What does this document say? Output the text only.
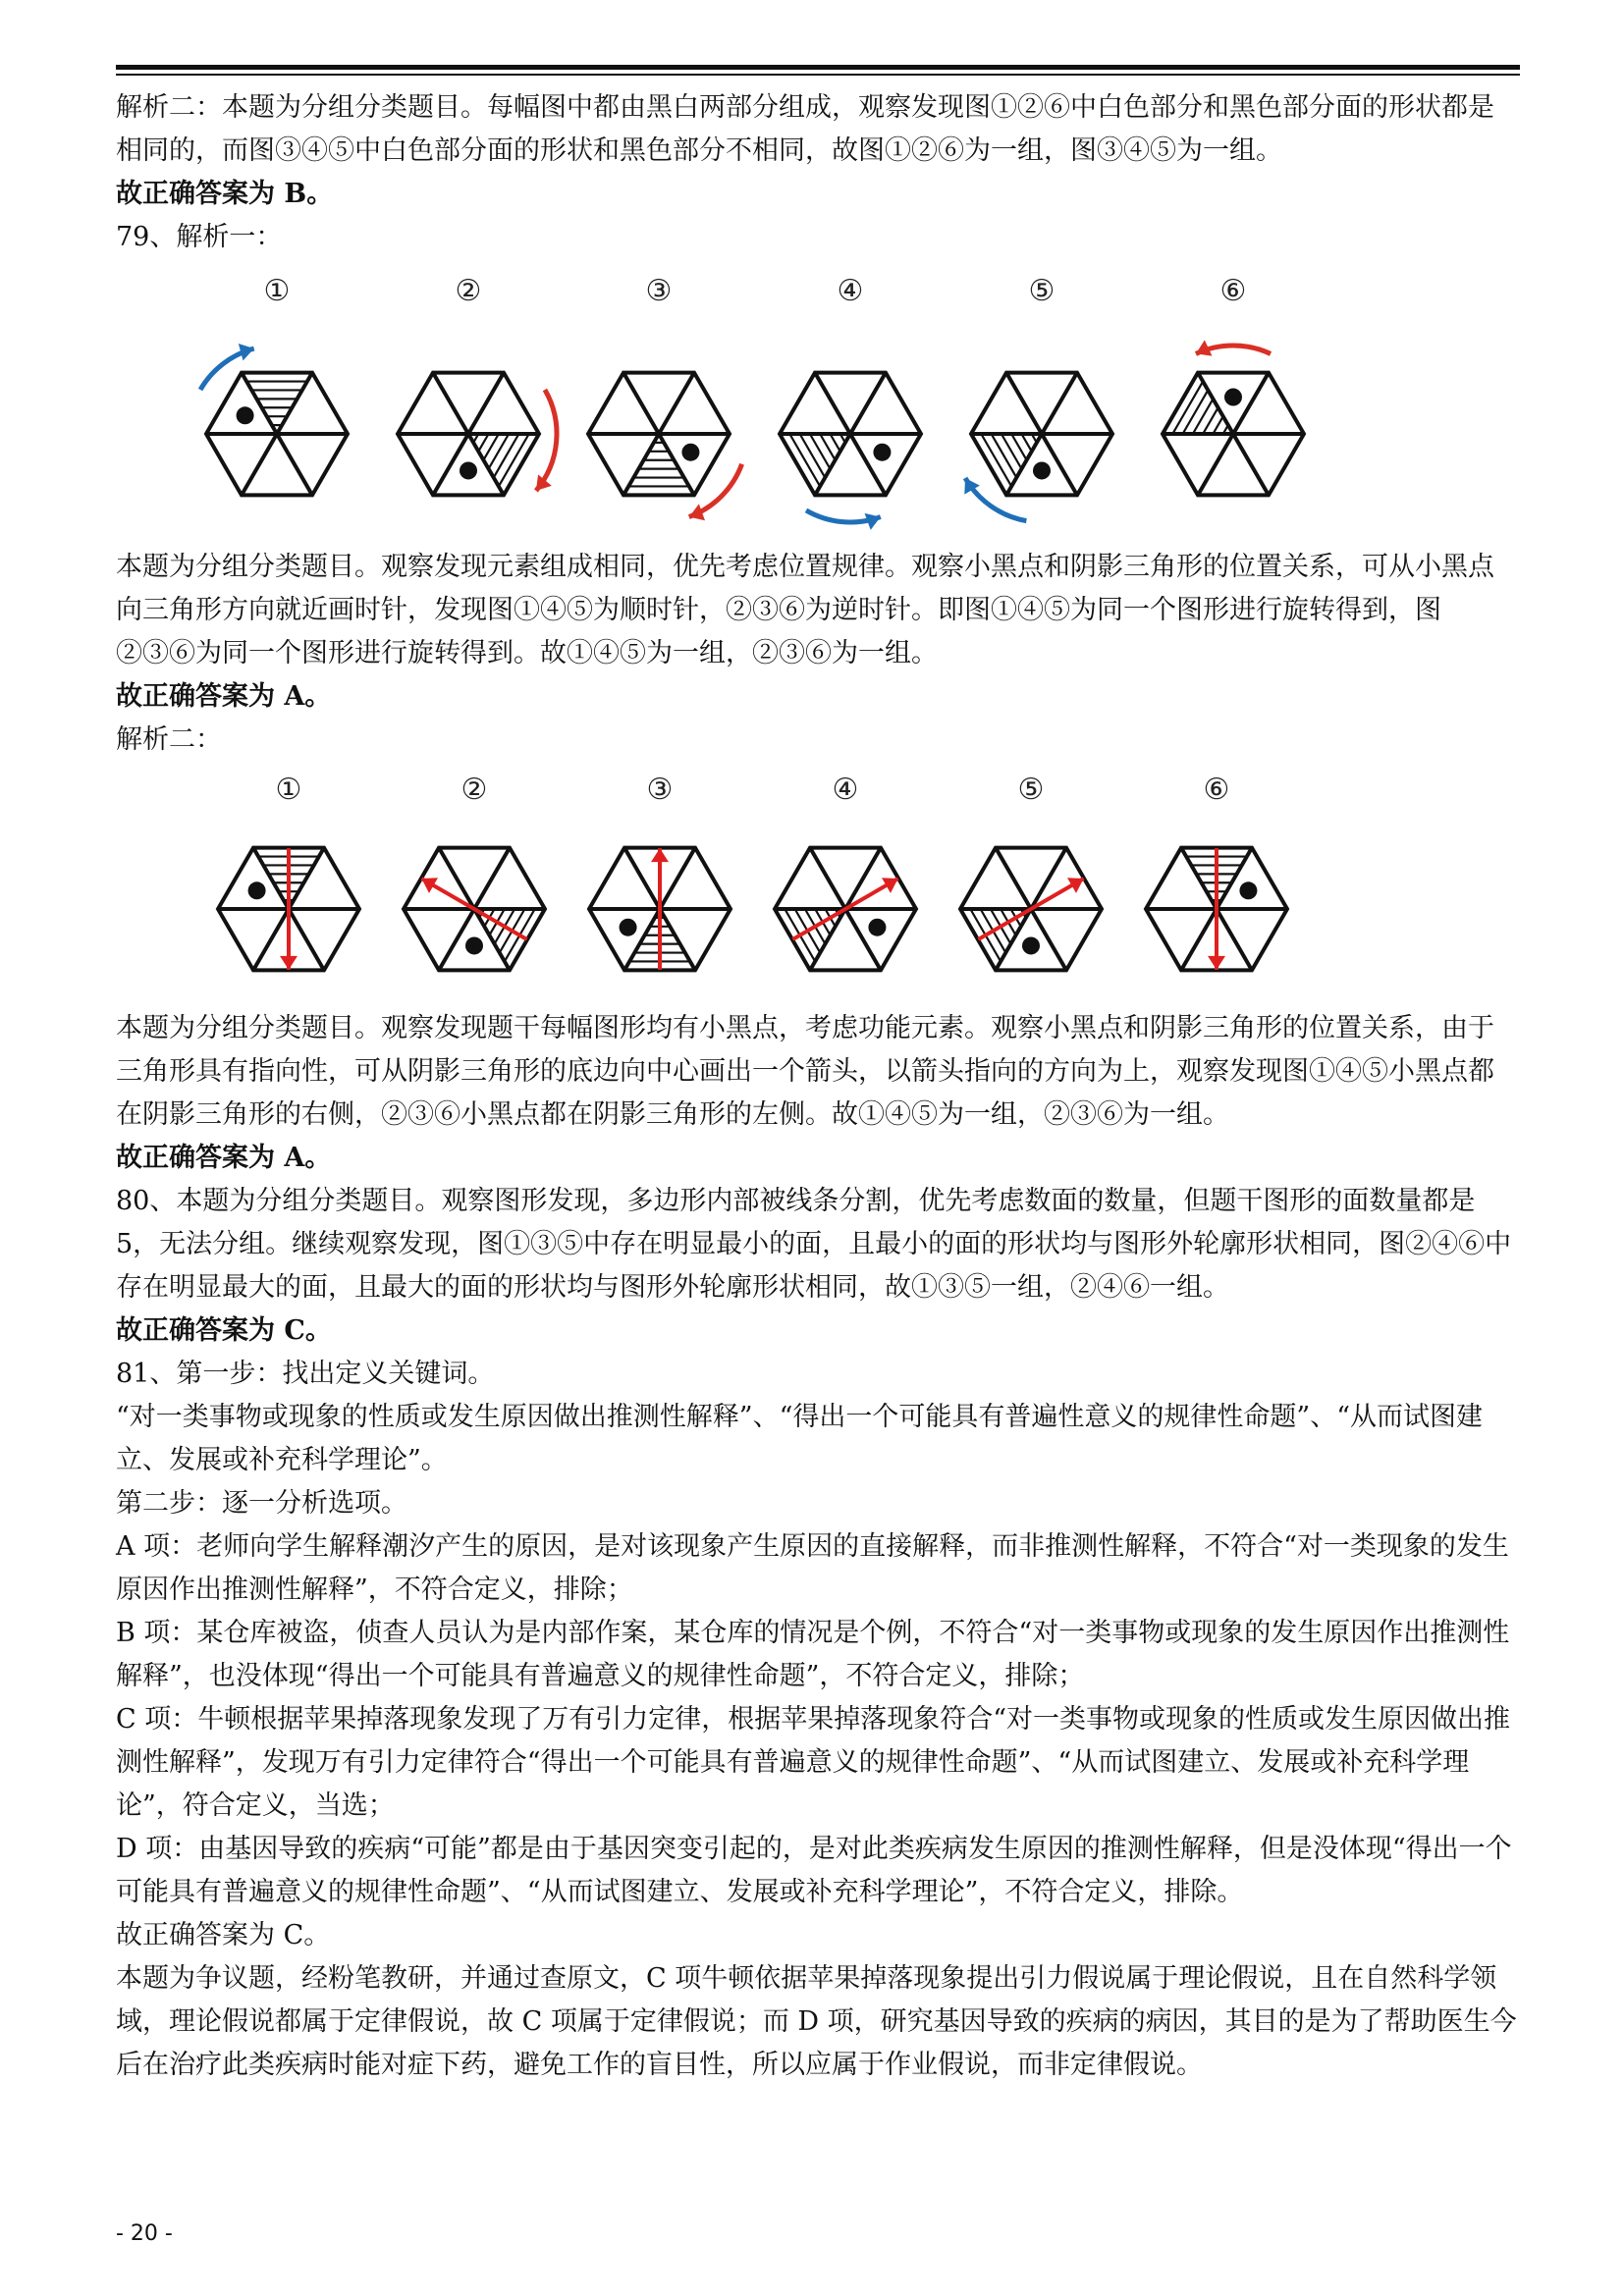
解析二：本题为分组分类题目。每幅图中都由黑白两部分组成，观察发现图①②⑥中白色部分和黑色部分面的形状都是相同的，而图③④⑤中白色部分面的形状和黑色部分不相同，故图①②⑥为一组，图③④⑤为一组。

故正确答案为 B。

79、解析一：

①	②	③	④	⑤	⑥

本题为分组分类题目。观察发现元素组成相同，优先考虑位置规律。观察小黑点和阴影三角形的位置关系，可从小黑点向三角形方向就近画时针，发现图①④⑤为顺时针，②③⑥为逆时针。即图①④⑤为同一个图形进行旋转得到，图②③⑥为同一个图形进行旋转得到。故①④⑤为一组，②③⑥为一组。

故正确答案为 A。

解析二：

①	②	③	④	⑤	⑥

本题为分组分类题目。观察发现题干每幅图形均有小黑点，考虑功能元素。观察小黑点和阴影三角形的位置关系，由于三角形具有指向性，可从阴影三角形的底边向中心画出一个箭头，以箭头指向的方向为上，观察发现图①④⑤小黑点都在阴影三角形的右侧，②③⑥小黑点都在阴影三角形的左侧。故①④⑤为一组，②③⑥为一组。

故正确答案为 A。

80、本题为分组分类题目。观察图形发现，多边形内部被线条分割，优先考虑数面的数量，但题干图形的面数量都是 5，无法分组。继续观察发现，图①③⑤中存在明显最小的面，且最小的面的形状均与图形外轮廓形状相同，图②④⑥中存在明显最大的面，且最大的面的形状均与图形外轮廓形状相同，故①③⑤一组，②④⑥一组。

故正确答案为 C。

81、第一步：找出定义关键词。

“对一类事物或现象的性质或发生原因做出推测性解释”、“得出一个可能具有普遍性意义的规律性命题”、“从而试图建立、发展或补充科学理论”。

第二步：逐一分析选项。

A 项：老师向学生解释潮汐产生的原因，是对该现象产生原因的直接解释，而非推测性解释，不符合“对一类现象的发生原因作出推测性解释”，不符合定义，排除；

B 项：某仓库被盗，侦查人员认为是内部作案，某仓库的情况是个例，不符合“对一类事物或现象的发生原因作出推测性解释”，也没体现“得出一个可能具有普遍意义的规律性命题”，不符合定义，排除；

C 项：牛顿根据苹果掉落现象发现了万有引力定律，根据苹果掉落现象符合“对一类事物或现象的性质或发生原因做出推测性解释”，发现万有引力定律符合“得出一个可能具有普遍意义的规律性命题”、“从而试图建立、发展或补充科学理论”，符合定义，当选；

D 项：由基因导致的疾病“可能”都是由于基因突变引起的，是对此类疾病发生原因的推测性解释，但是没体现“得出一个可能具有普遍意义的规律性命题”、“从而试图建立、发展或补充科学理论”，不符合定义，排除。

故正确答案为 C。

本题为争议题，经粉笔教研，并通过查原文，C 项牛顿依据苹果掉落现象提出引力假说属于理论假说，且在自然科学领域，理论假说都属于定律假说，故 C 项属于定律假说；而 D 项，研究基因导致的疾病的病因，其目的是为了帮助医生今后在治疗此类疾病时能对症下药，避免工作的盲目性，所以应属于作业假说，而非定律假说。

- 20 -
